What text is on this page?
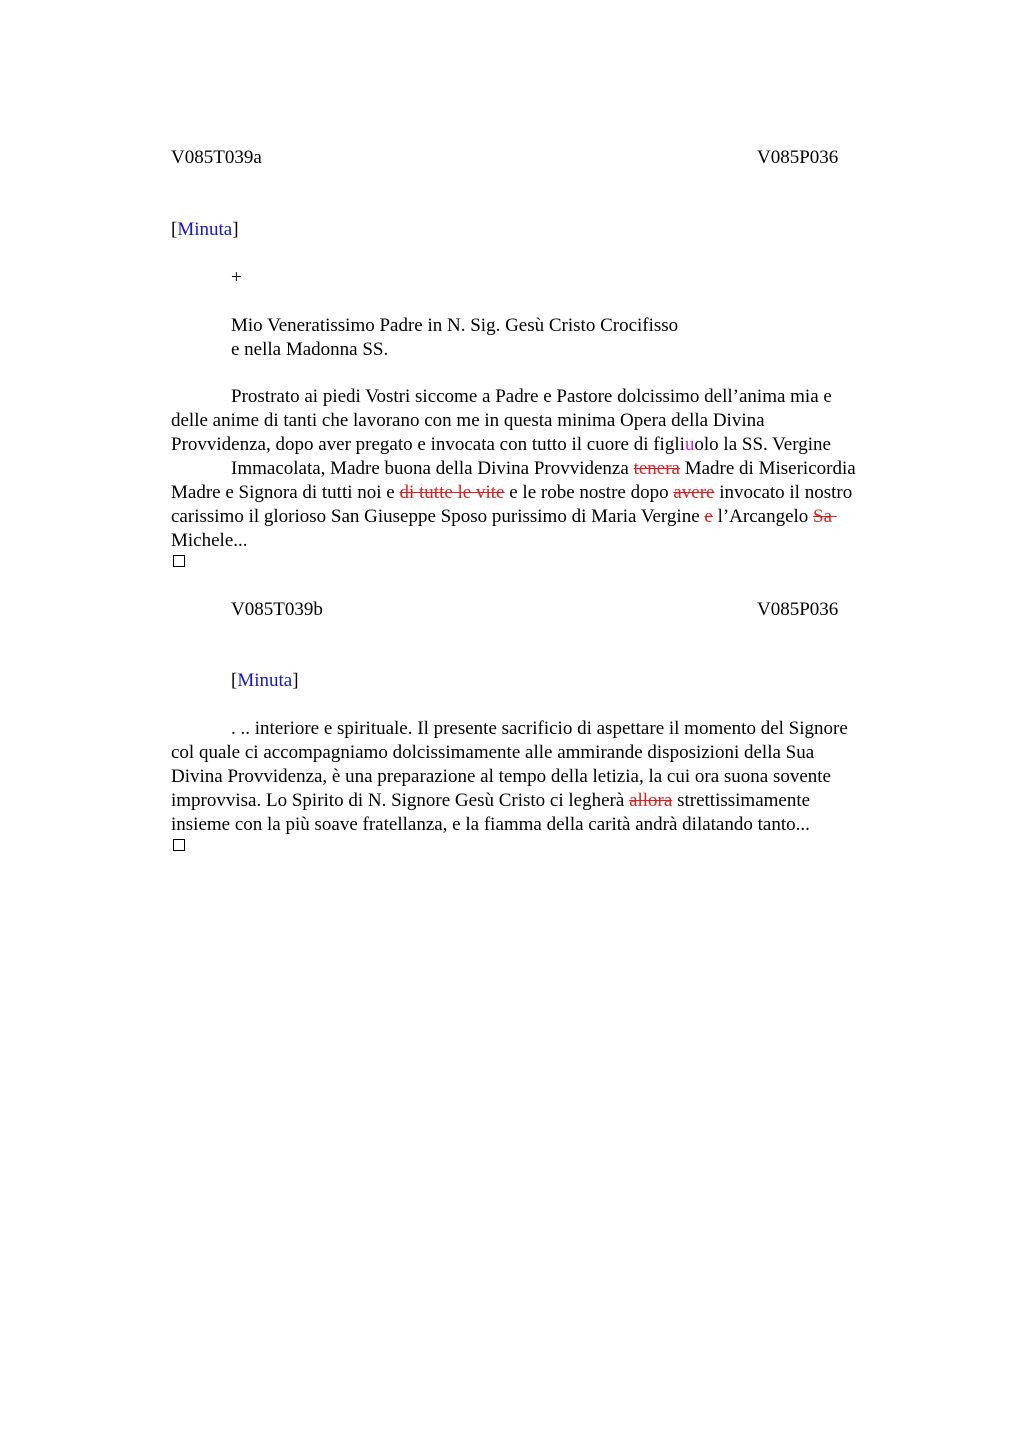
V085T039a	V085P036
[Minuta]
+
Mio Veneratissimo Padre in N. Sig. Gesù Cristo Crocifisso
e nella Madonna SS.
Prostrato ai piedi Vostri siccome a Padre e Pastore dolcissimo dell’anima mia e
delle anime di tanti che lavorano con me in questa minima Opera della Divina
Provvidenza, dopo aver pregato e invocata con tutto il cuore di figliuolo la SS. Vergine
Immacolata, Madre buona della Divina Provvidenza tenera Madre di Misericordia
Madre e Signora di tutti noi e di tutte le vite e le robe nostre dopo avere invocato il nostro
carissimo il glorioso San Giuseppe Sposo purissimo di Maria Vergine e l’Arcangelo Sa
Michele...
V085T039b	V085P036
[Minuta]
. .. interiore e spirituale. Il presente sacrificio di aspettare il momento del Signore
col quale ci accompagniamo dolcissimamente alle ammirande disposizioni della Sua
Divina Provvidenza, è una preparazione al tempo della letizia, la cui ora suona sovente
improvvisa. Lo Spirito di N. Signore Gesù Cristo ci legherà allora strettissimamente
insieme con la più soave fratellanza, e la fiamma della carità andrà dilatando tanto...
